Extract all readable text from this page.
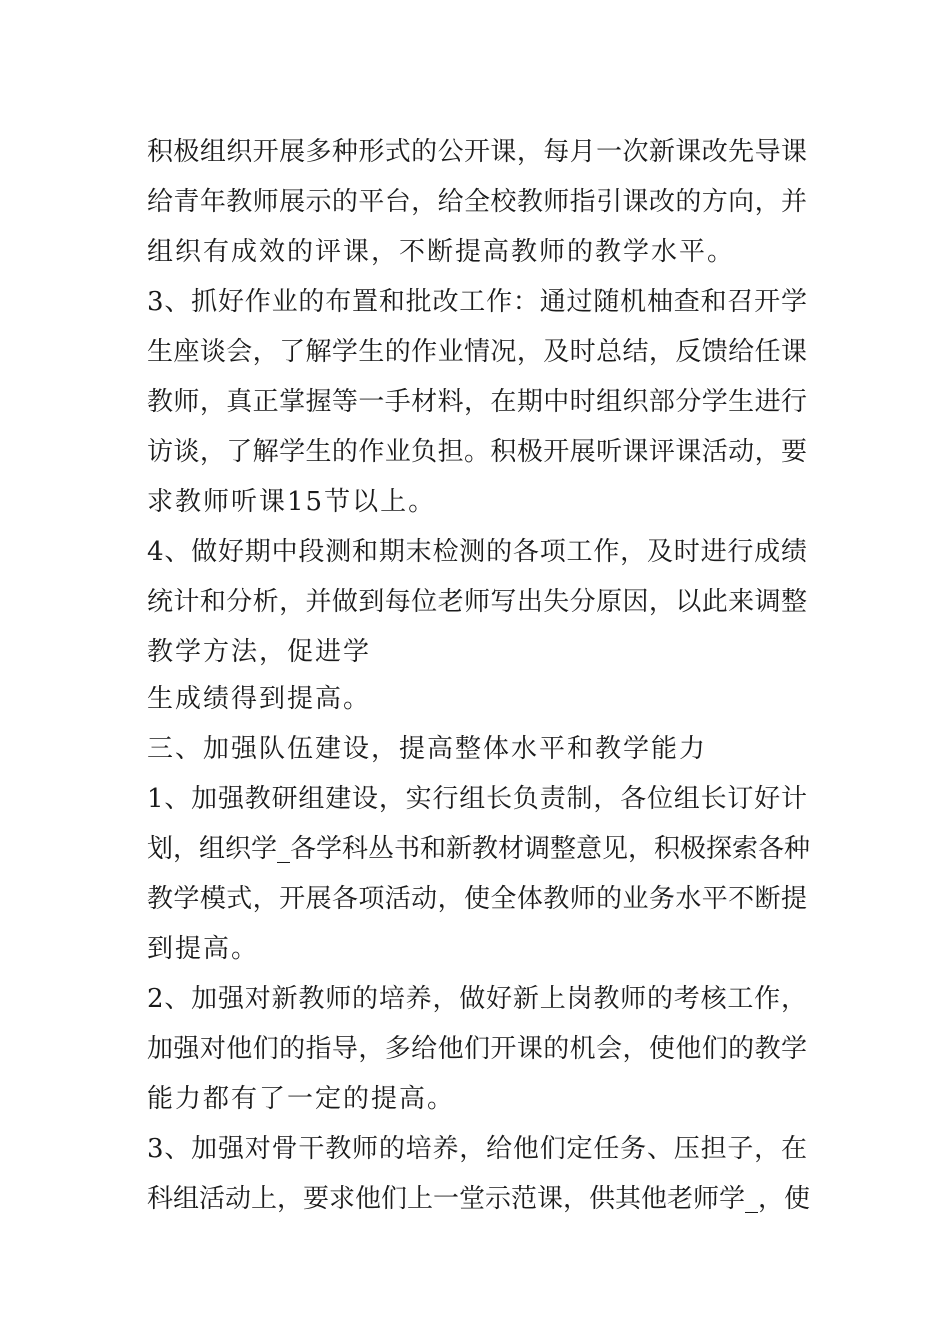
积极组织开展多种形式的公开课，每月一次新课改先导课
给青年教师展示的平台，给全校教师指引课改的方向，并
组织有成效的评课，不断提高教师的教学水平。
3、抓好作业的布置和批改工作：通过随机柚查和召开学
生座谈会，了解学生的作业情况，及时总结，反馈给任课
教师，真正掌握等一手材料，在期中时组织部分学生进行
访谈，了解学生的作业负担。积极开展听课评课活动，要
求教师听课15节以上。
4、做好期中段测和期末检测的各项工作，及时进行成绩
统计和分析，并做到每位老师写出失分原因，以此来调整
教学方法，促进学
生成绩得到提高。
三、加强队伍建设，提高整体水平和教学能力
1、加强教研组建设，实行组长负责制，各位组长订好计
划，组织学_各学科丛书和新教材调整意见，积极探索各种
教学模式，开展各项活动，使全体教师的业务水平不断提
到提高。
2、加强对新教师的培养，做好新上岗教师的考核工作，
加强对他们的指导，多给他们开课的机会，使他们的教学
能力都有了一定的提高。
3、加强对骨干教师的培养，给他们定任务、压担子，在
科组活动上，要求他们上一堂示范课，供其他老师学_，使
